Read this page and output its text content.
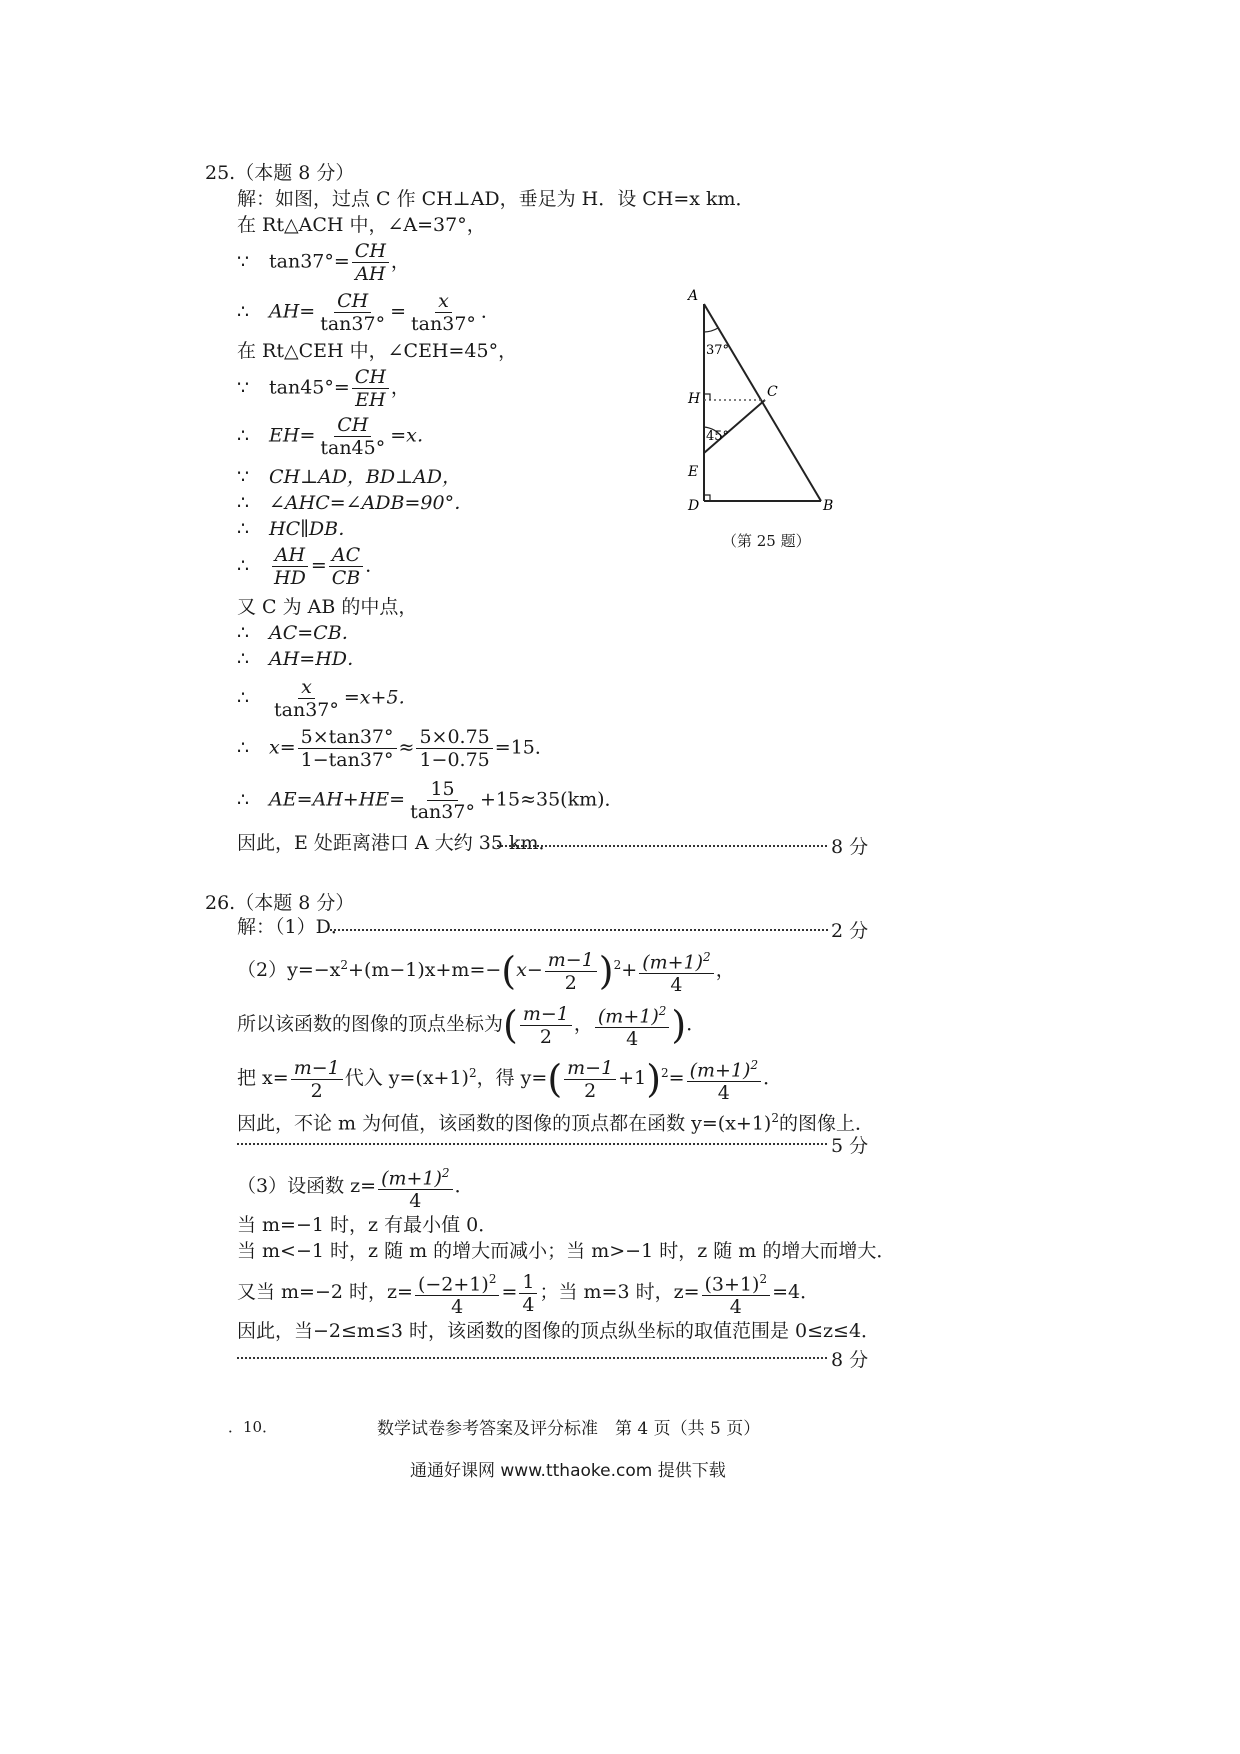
25.（本题 8 分）
解：如图，过点 C 作 CH⊥AD，垂足为 H．设 CH=x km．
在 Rt△ACH 中，∠A=37°，
∵ $\tan 37^\circ= \frac{CH}{AH}$ ，
∴ $AH= \frac{CH}{\tan 37^\circ} = \frac{x}{\tan 37^\circ}$ ．
在 Rt△CEH 中，∠CEH=45°，
∵ $\tan 45^\circ= \frac{CH}{EH}$ ，
∴ $EH= \frac{CH}{\tan 45^\circ} =x$．
∵ CH⊥AD，BD⊥AD，
∴ ∠AHC=∠ADB=90°．
∴ HC∥DB．
∴ $\frac{AH}{HD} = \frac{AC}{CB}$ ．
又 C 为 AB 的中点，
∴ AC=CB．
∴ AH=HD．
∴ $\frac{x}{\tan 37^\circ} =x+5$．
∴ $x= \frac{5\times\tan 37^\circ}{1-\tan 37^\circ} \approx \frac{5\times 0.75}{1-0.75} =15$．
∴ $AE=AH+HE= \frac{15}{\tan 37^\circ} +15\approx 35(km)$．
因此，E 处距离港口 A 大约 35 km．	8 分
A
B
C
D
E
H
37°
45°
（第 25 题）
26.（本题 8 分）
解：（1）D．	2 分
$(2)y=-x^2+(m-1)x+m=-(x- \frac{m-1}{2} )^2+ \frac{(m+1)^2}{4}$ ，
所以该函数的图像的顶点坐标为( $\frac{m-1}{2}$ ， $\frac{(m+1)^2}{4}$ )．
把 $x= \frac{m-1}{2}$ 代入 $y=(x+1)^2$，得 $y=( \frac{m-1}{2} +1)^2= \frac{(m+1)^2}{4}$ ．
因此，不论 m 为何值，该函数的图像的顶点都在函数 $y=(x+1)^2$的图像上．
5 分
（3）设函数 $z= \frac{(m+1)^2}{4}$ ．
当 m=−1 时，z 有最小值 0．
当 m<−1 时，z 随 m 的增大而减小；当 m>−1 时，z 随 m 的增大而增大．
又当 m=−2 时，$z= \frac{(-2+1)^2}{4} = \frac{1}{4}$ ；当 m=3 时，$z= \frac{(3+1)^2}{4} =4$．
因此，当−2≤m≤3 时，该函数的图像的顶点纵坐标的取值范围是 0≤z≤4．
8 分
．10．	数学试卷参考答案及评分标准　第 4 页（共 5 页）
通通好课网 www.tthaoke.com 提供下载
